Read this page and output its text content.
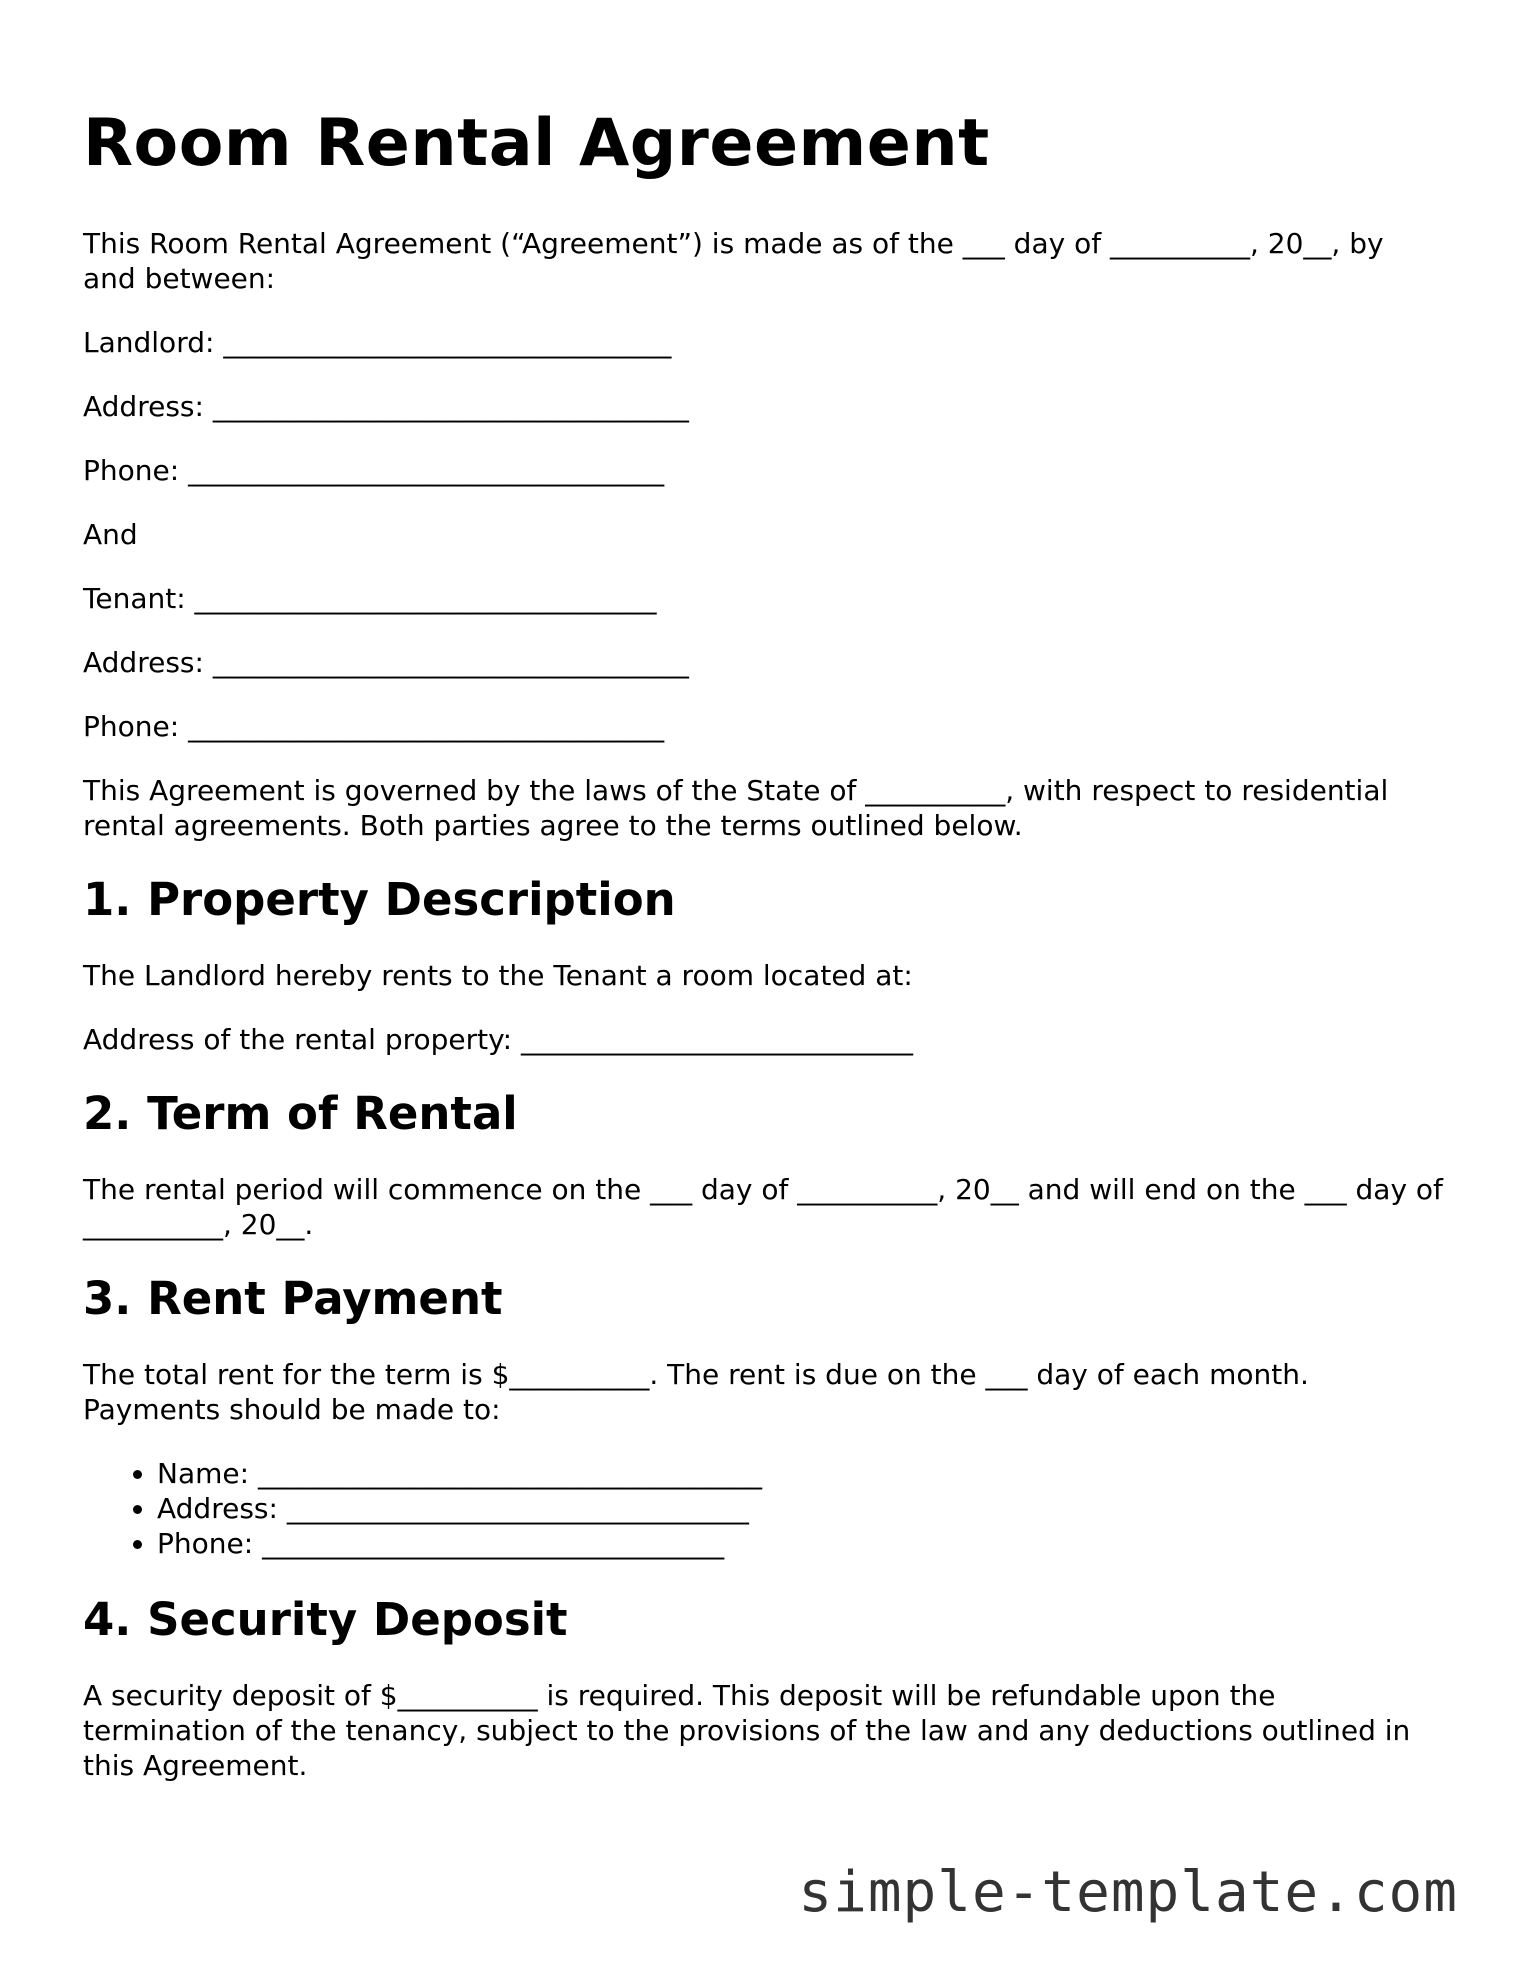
Room Rental Agreement

This Room Rental Agreement (“Agreement”) is made as of the ___ day of __________, 20__, by and between:

Landlord: ________________________________

Address: __________________________________

Phone: __________________________________

And

Tenant: _________________________________

Address: __________________________________

Phone: __________________________________

This Agreement is governed by the laws of the State of __________, with respect to residential rental agreements. Both parties agree to the terms outlined below.

1. Property Description

The Landlord hereby rents to the Tenant a room located at:

Address of the rental property: ____________________________

2. Term of Rental

The rental period will commence on the ___ day of __________, 20__ and will end on the ___ day of __________, 20__.

3. Rent Payment

The total rent for the term is $__________. The rent is due on the ___ day of each month. Payments should be made to:

• Name: ____________________________________
• Address: _________________________________
• Phone: _________________________________
4. Security Deposit

A security deposit of $__________ is required. This deposit will be refundable upon the termination of the tenancy, subject to the provisions of the law and any deductions outlined in this Agreement.

simple-template.com
